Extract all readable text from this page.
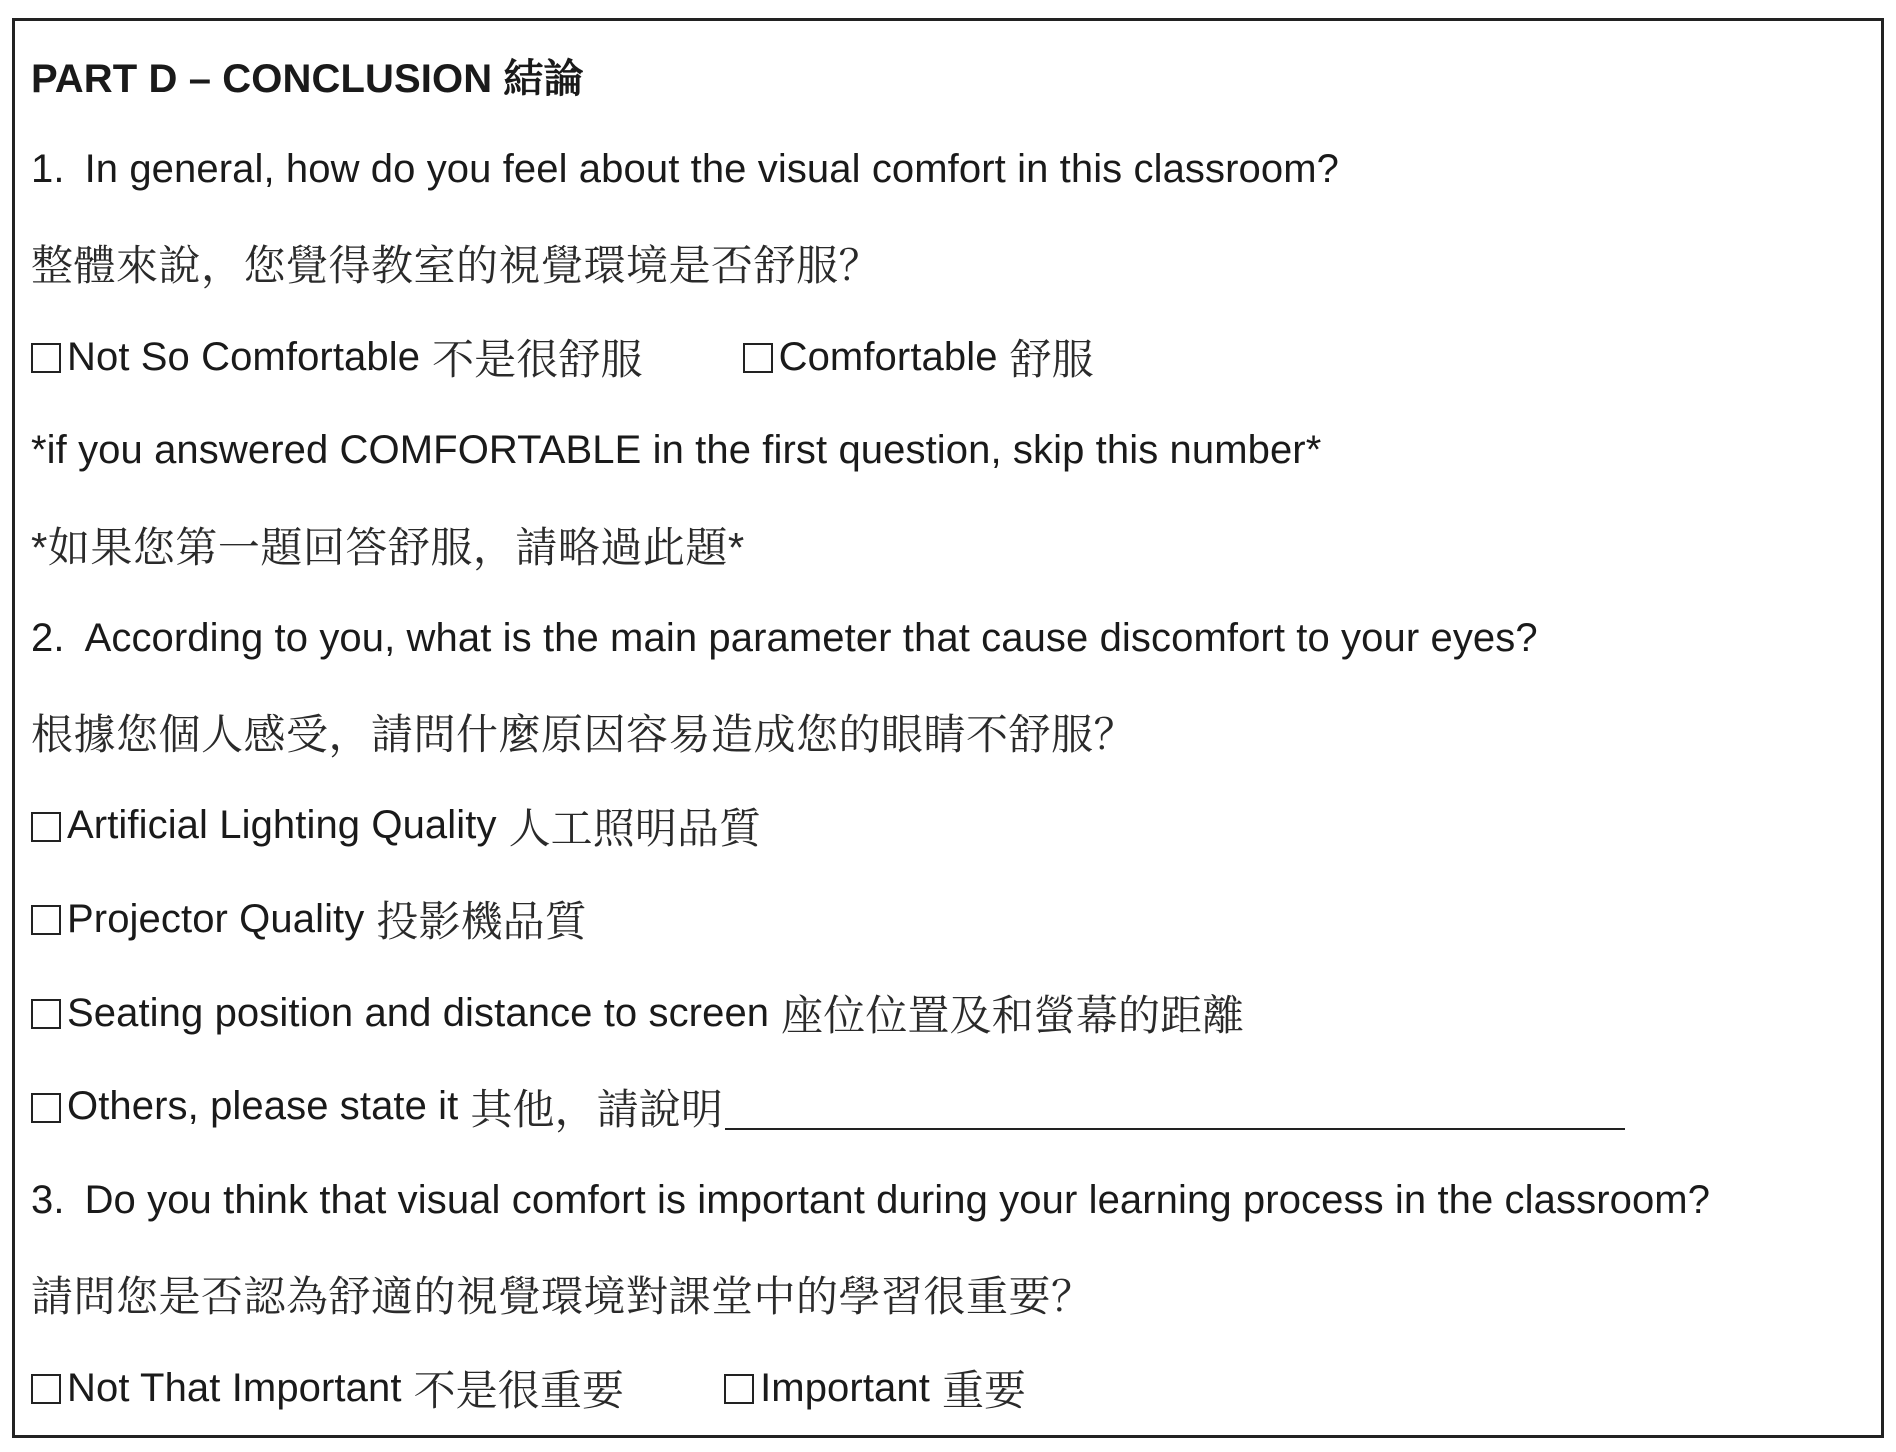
PART D – CONCLUSION 結論
1. In general, how do you feel about the visual comfort in this classroom?
整體來說，您覺得教室的視覺環境是否舒服？
Not So Comfortable 不是很舒服	Comfortable 舒服
*if you answered COMFORTABLE in the first question, skip this number*
*如果您第一題回答舒服，請略過此題*
2. According to you, what is the main parameter that cause discomfort to your eyes?
根據您個人感受，請問什麼原因容易造成您的眼睛不舒服？
Artificial Lighting Quality 人工照明品質
Projector Quality 投影機品質
Seating position and distance to screen 座位位置及和螢幕的距離
Others, please state it 其他，請說明
3. Do you think that visual comfort is important during your learning process in the classroom?
請問您是否認為舒適的視覺環境對課堂中的學習很重要？
Not That Important 不是很重要	Important 重要
